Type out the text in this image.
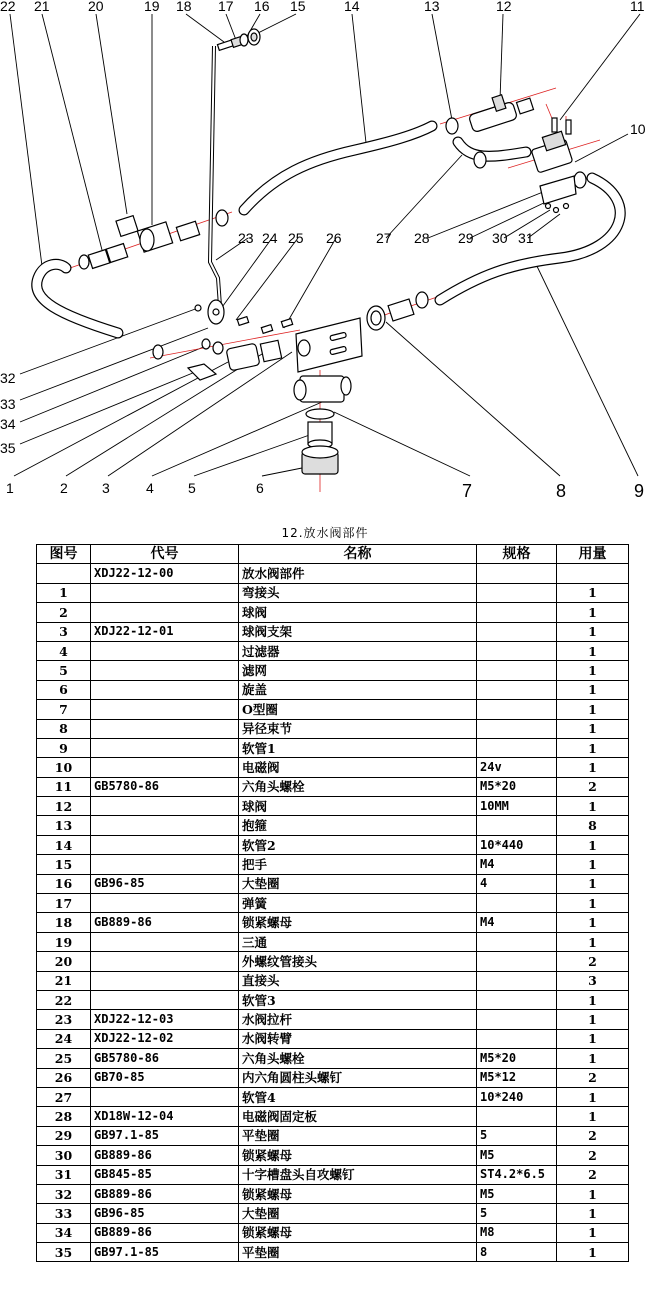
22 21	20	19 18 17 16 15	14	13	12	11
10
23 24 25 26 27 28 29 30 31
32
33
34
35
1	2 3	4 5	6	7	8	9
12.放水阀部件
图号	代号	名称	规格	用量
	XDJ22-12-00	放水阀部件		
1		弯接头		1
2		球阀		1
3	XDJ22-12-01	球阀支架		1
4		过滤器		1
5		滤网		1
6		旋盖		1
7		O型圈		1
8		异径束节		1
9		软管1		1
10		电磁阀	24v	1
11	GB5780-86	六角头螺栓	M5*20	2
12		球阀	10MM	1
13		抱箍		8
14		软管2	10*440	1
15		把手	M4	1
16	GB96-85	大垫圈	4	1
17		弹簧		1
18	GB889-86	锁紧螺母	M4	1
19		三通		1
20		外螺纹管接头		2
21		直接头		3
22		软管3		1
23	XDJ22-12-03	水阀拉杆		1
24	XDJ22-12-02	水阀转臂		1
25	GB5780-86	六角头螺栓	M5*20	1
26	GB70-85	内六角圆柱头螺钉	M5*12	2
27		软管4	10*240	1
28	XD18W-12-04	电磁阀固定板		1
29	GB97.1-85	平垫圈	5	2
30	GB889-86	锁紧螺母	M5	2
31	GB845-85	十字槽盘头自攻螺钉	ST4.2*6.5	2
32	GB889-86	锁紧螺母	M5	1
33	GB96-85	大垫圈	5	1
34	GB889-86	锁紧螺母	M8	1
35	GB97.1-85	平垫圈	8	1
